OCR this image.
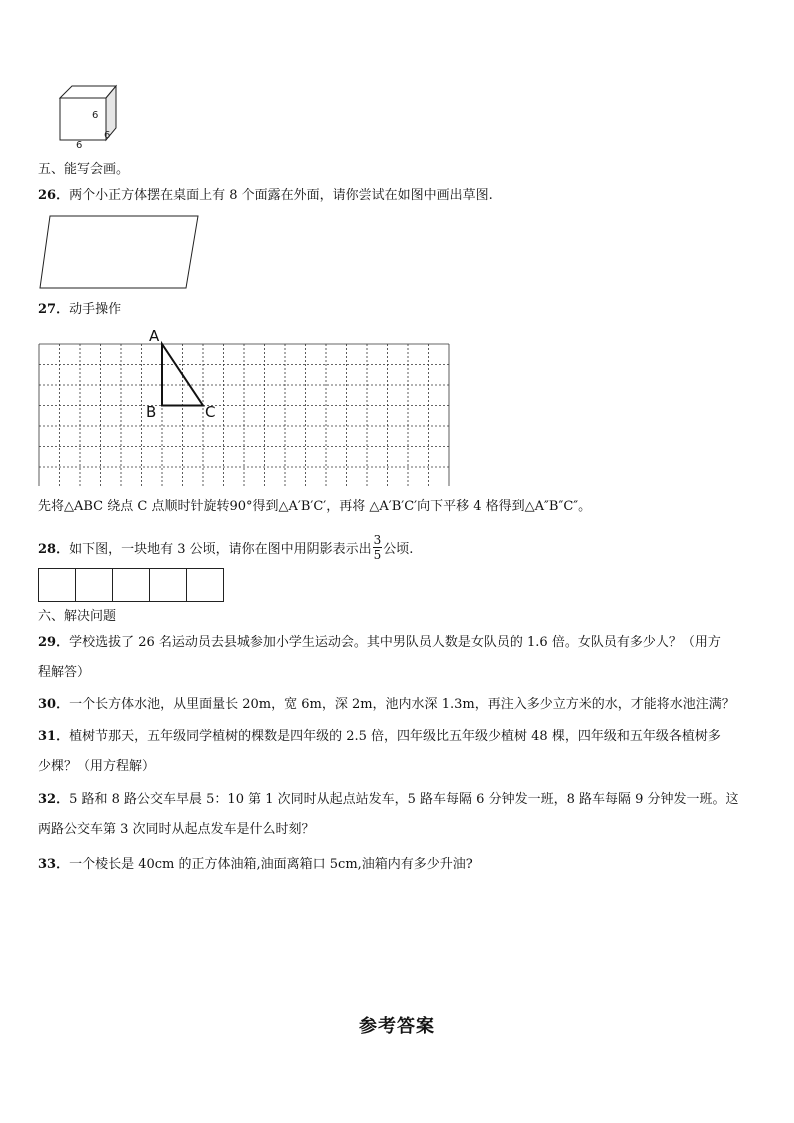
6
6
6
五、能写会画。
26．两个小正方体摆在桌面上有 8 个面露在外面，请你尝试在如图中画出草图.
27．动手操作
A
B	C
先将△ABC 绕点 C 点顺时针旋转90°得到△A′B′C′，再将 △A′B′C′向下平移 4 格得到△A″B″C″。
28．如下图，一块地有 3 公顷，请你在图中用阴影表示出 $\frac{3}{5}$ 公顷.
六、解决问题
29．学校选拔了 26 名运动员去县城参加小学生运动会。其中男队员人数是女队员的 1.6 倍。女队员有多少人？（用方
程解答）
30．一个长方体水池，从里面量长 20m，宽 6m，深 2m，池内水深 1.3m，再注入多少立方米的水，才能将水池注满？
31．植树节那天，五年级同学植树的棵数是四年级的 2.5 倍，四年级比五年级少植树 48 棵，四年级和五年级各植树多
少棵？（用方程解）
32．5 路和 8 路公交车早晨 5：10 第 1 次同时从起点站发车，5 路车每隔 6 分钟发一班，8 路车每隔 9 分钟发一班。这
两路公交车第 3 次同时从起点发车是什么时刻？
33．一个棱长是 40cm 的正方体油箱,油面离箱口 5cm,油箱内有多少升油?
参考答案
